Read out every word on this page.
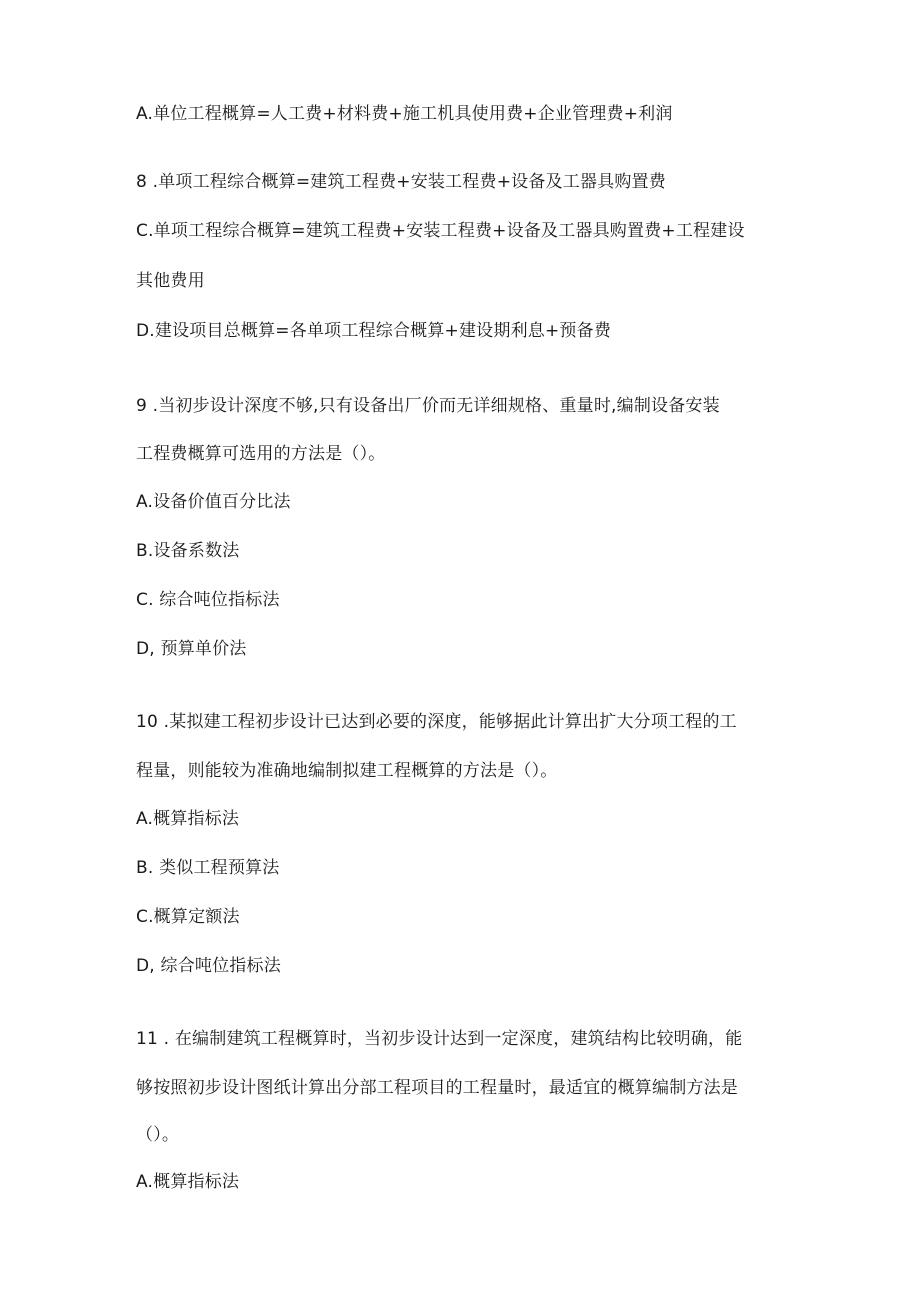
A.单位工程概算=人工费+材料费+施工机具使用费+企业管理费+利润
8 .单项工程综合概算=建筑工程费+安装工程费+设备及工器具购置费
C.单项工程综合概算=建筑工程费+安装工程费+设备及工器具购置费+工程建设
其他费用
D.建设项目总概算=各单项工程综合概算+建设期利息+预备费
9 .当初步设计深度不够,只有设备出厂价而无详细规格、重量时,编制设备安装
工程费概算可选用的方法是（）。
A.设备价值百分比法
B.设备系数法
C. 综合吨位指标法
D, 预算单价法
10 .某拟建工程初步设计已达到必要的深度，能够据此计算出扩大分项工程的工
程量，则能较为准确地编制拟建工程概算的方法是（）。
A.概算指标法
B. 类似工程预算法
C.概算定额法
D, 综合吨位指标法
11 . 在编制建筑工程概算时，当初步设计达到一定深度，建筑结构比较明确，能
够按照初步设计图纸计算出分部工程项目的工程量时，最适宜的概算编制方法是
（）。
A.概算指标法
